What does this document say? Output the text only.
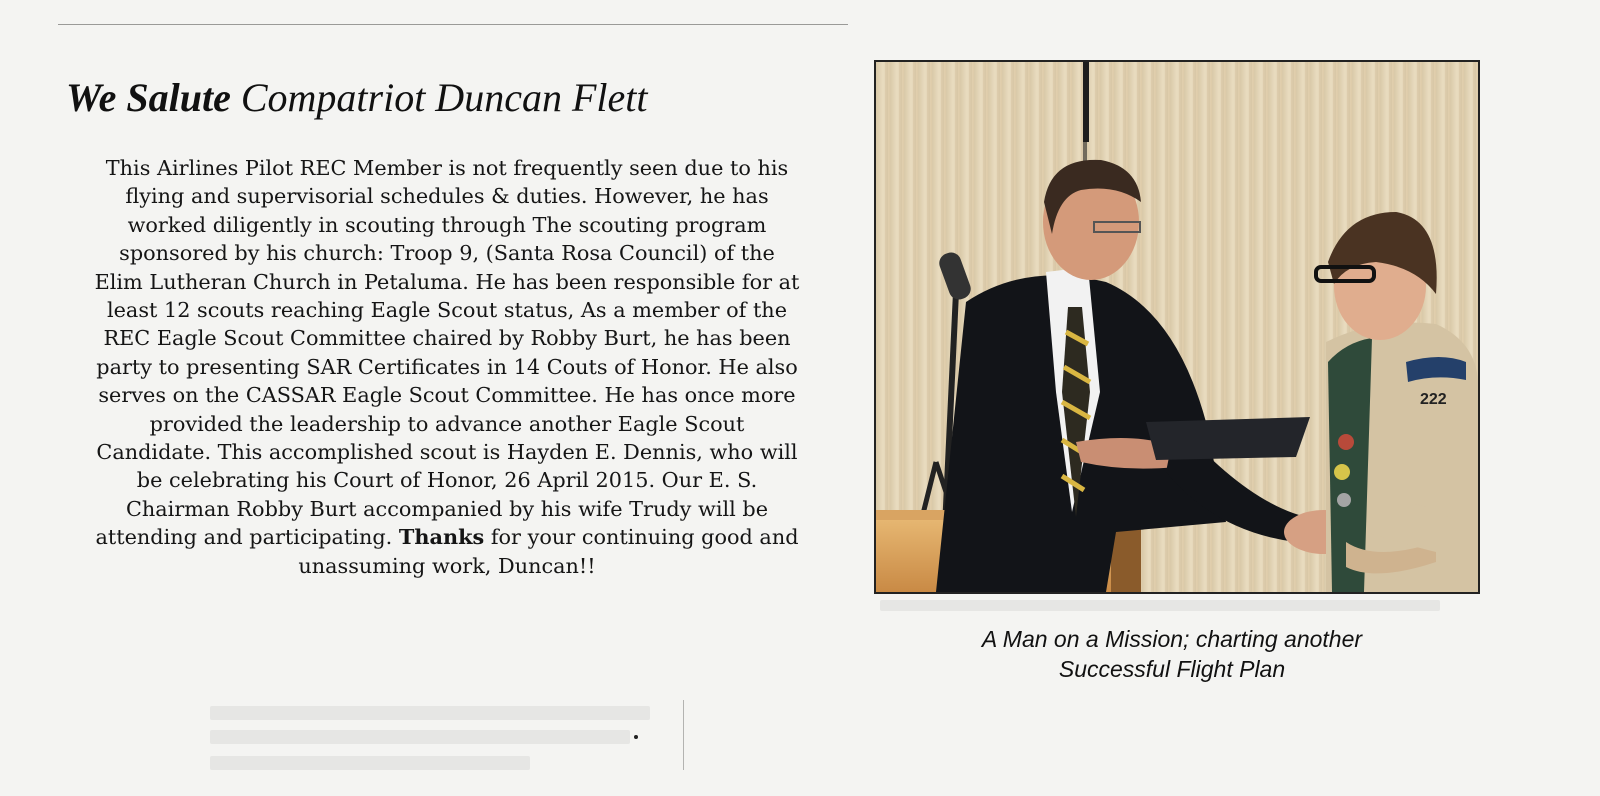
We Salute Compatriot Duncan Flett

This Airlines Pilot REC Member is not frequently seen due to his flying and supervisorial schedules & duties. However, he has worked diligently in scouting through The scouting program sponsored by his church: Troop 9, (Santa Rosa Council) of the Elim Lutheran Church in Petaluma. He has been responsible for at least 12 scouts reaching Eagle Scout status, As a member of the REC Eagle Scout Committee chaired by Robby Burt, he has been party to presenting SAR Certificates in 14 Couts of Honor. He also serves on the CASSAR Eagle Scout Committee. He has once more provided the leadership to advance another Eagle Scout Candidate. This accomplished scout is Hayden E. Dennis, who will be celebrating his Court of Honor, 26 April 2015. Our E. S. Chairman Robby Burt accompanied by his wife Trudy will be attending and participating. Thanks for your continuing good and unassuming work, Duncan!!

222

A Man on a Mission; charting another
Successful Flight Plan
